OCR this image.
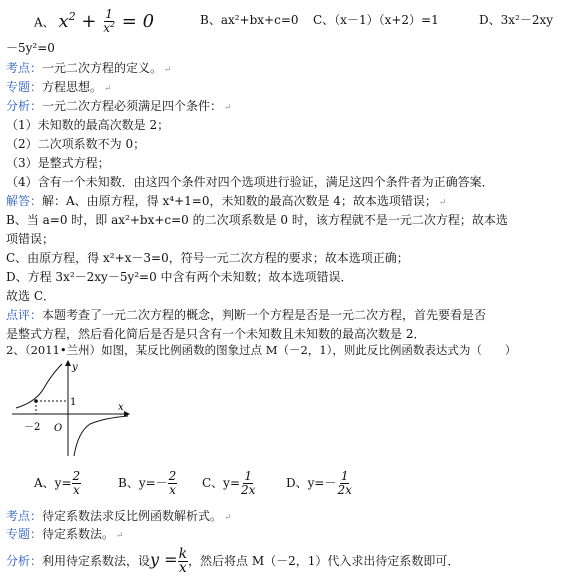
A、 $x^2 + \frac{1}{x^2} = 0$	B、ax²+bx+c=0 C、（x－1）（x+2）=1	D、3x²－2xy
－5y²=0
考点：一元二次方程的定义。 ↵
专题：方程思想。 ↵
分析：一元二次方程必须满足四个条件： ↵
（1）未知数的最高次数是 2；
（2）二次项系数不为 0；
（3）是整式方程；
（4）含有一个未知数．由这四个条件对四个选项进行验证，满足这四个条件者为正确答案．
解答：解：A、由原方程，得 x⁴+1=0，未知数的最高次数是 4；故本选项错误； ↵
B、当 a=0 时，即 ax²+bx+c=0 的二次项系数是 0 时，该方程就不是一元二次方程；故本选
项错误；
C、由原方程，得 x²+x－3=0，符号一元二次方程的要求；故本选项正确；
D、方程 3x²－2xy－5y²=0 中含有两个未知数；故本选项错误．
故选 C．
点评：本题考查了一元二次方程的概念，判断一个方程是否是一元二次方程，首先要看是否
是整式方程，然后看化简后是否是只含有一个未知数且未知数的最高次数是 2．
2、（2011•兰州）如图，某反比例函数的图象过点 M（－2，1），则此反比例函数表达式为（　　）
y
x
1
－2 O
A、$y= \frac{2}{x}$	B、$y=- \frac{2}{x}$ C、$y= \frac{1}{2x}$ D、$y=- \frac{1}{2x}$
考点：待定系数法求反比例函数解析式。 ↵
专题：待定系数法。 ↵
分析：利用待定系数法，设$y = \frac{k}{x}$ ，然后将点 M（－2，1）代入求出待定系数即可．
